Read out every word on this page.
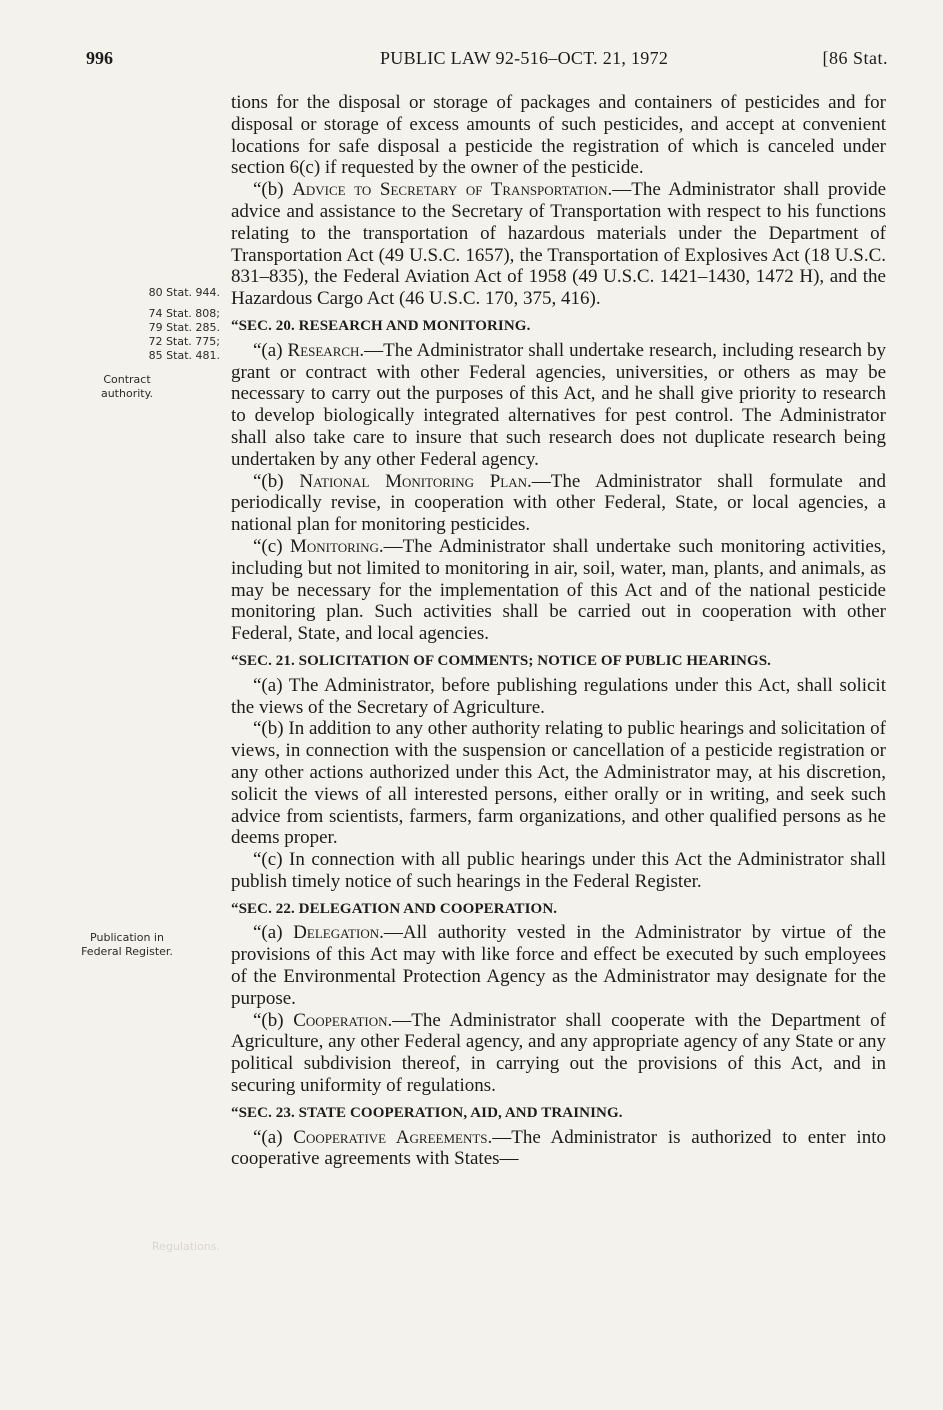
996	PUBLIC LAW 92-516–OCT. 21, 1972	[86 Stat.
80 Stat. 944.
74 Stat. 808;
79 Stat. 285.
72 Stat. 775;
85 Stat. 481.
Contract
authority.
Publication in
Federal Register.
Regulations.

tions for the disposal or storage of packages and containers of pesticides and for disposal or storage of excess amounts of such pesticides, and accept at convenient locations for safe disposal a pesticide the registration of which is canceled under section 6(c) if requested by the owner of the pesticide.

“(b) Advice to Secretary of Transportation.—The Administrator shall provide advice and assistance to the Secretary of Transportation with respect to his functions relating to the transportation of hazardous materials under the Department of Transportation Act (49 U.S.C. 1657), the Transportation of Explosives Act (18 U.S.C. 831–835), the Federal Aviation Act of 1958 (49 U.S.C. 1421–1430, 1472 H), and the Hazardous Cargo Act (46 U.S.C. 170, 375, 416).

“SEC. 20. RESEARCH AND MONITORING.

“(a) Research.—The Administrator shall undertake research, including research by grant or contract with other Federal agencies, universities, or others as may be necessary to carry out the purposes of this Act, and he shall give priority to research to develop biologically integrated alternatives for pest control. The Administrator shall also take care to insure that such research does not duplicate research being undertaken by any other Federal agency.

“(b) National Monitoring Plan.—The Administrator shall formulate and periodically revise, in cooperation with other Federal, State, or local agencies, a national plan for monitoring pesticides.

“(c) Monitoring.—The Administrator shall undertake such monitoring activities, including but not limited to monitoring in air, soil, water, man, plants, and animals, as may be necessary for the implementation of this Act and of the national pesticide monitoring plan. Such activities shall be carried out in cooperation with other Federal, State, and local agencies.

“SEC. 21. SOLICITATION OF COMMENTS; NOTICE OF PUBLIC HEARINGS.

“(a) The Administrator, before publishing regulations under this Act, shall solicit the views of the Secretary of Agriculture.

“(b) In addition to any other authority relating to public hearings and solicitation of views, in connection with the suspension or cancellation of a pesticide registration or any other actions authorized under this Act, the Administrator may, at his discretion, solicit the views of all interested persons, either orally or in writing, and seek such advice from scientists, farmers, farm organizations, and other qualified persons as he deems proper.

“(c) In connection with all public hearings under this Act the Administrator shall publish timely notice of such hearings in the Federal Register.

“SEC. 22. DELEGATION AND COOPERATION.

“(a) Delegation.—All authority vested in the Administrator by virtue of the provisions of this Act may with like force and effect be executed by such employees of the Environmental Protection Agency as the Administrator may designate for the purpose.

“(b) Cooperation.—The Administrator shall cooperate with the Department of Agriculture, any other Federal agency, and any appropriate agency of any State or any political subdivision thereof, in carrying out the provisions of this Act, and in securing uniformity of regulations.

“SEC. 23. STATE COOPERATION, AID, AND TRAINING.

“(a) Cooperative Agreements.—The Administrator is authorized to enter into cooperative agreements with States—
